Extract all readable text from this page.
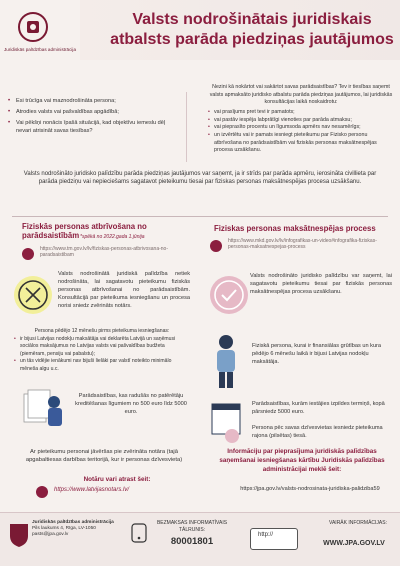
Juridiskās palīdzības administrācija
Valsts nodrošinātais juridiskais atbalsts parāda piedziņas jautājumos
• Esi trūcīga vai maznodrošināta persona;
• Atrodies valsts vai pašvaldības apgādībā;
• Vai pēkšņi nonācis īpašā situācijā, kad objektīvu iemeslu dēļ nevari atrisināt savas tiesības?
Nezini kā nokārtot vai sakārtot savas parādsaistības? Tev ir tiesības saņemt valsts apmaksāto juridisko atbalstu parāda piedziņas jautājumos, lai juridiskās konsultācijas laikā noskaidrotu:
• vai prasījums pret tevi ir pamatots;
• vai pastāv iespēja labprātīgi vienoties par parāda atmaksu;
• vai pieprasīto procentu un līgumsoda apmērs nav nesamērīgs;
• un izvērtētu vai ir pamats iesniegt pieteikumu par Fizisko personu atbrīvošana no parādsaistībām vai fiziskās personas maksātnespējas procesa uzsākšanu.
Valsts nodrošināto juridisko palīdzību parāda piedziņas jautājumos var saņemt, ja ir strīds par parāda apmēru, ierosināta civillieta par parāda piedziņu vai nepieciešams sagatavot pieteikumu tiesai par fiziskas personas maksātnespējas procesa uzsākšanu.
Fiziskās personas atbrīvošana no parādsaistībām *spēkā no 2022.gada 1.jūnija
https://www.tm.gov.lv/lv/fiziskas-personas-atbrivosana-no-paradsaistibam
Valsts nodrošinātā juridiskā palīdzība netiek nodrošināta, lai sagatavotu pieteikumu fiziskās personas atbrīvošanai no parādsaistībām. Konsultācijā par pieteikuma iesniegšanu un procesa norisi sniedz zvērināts notārs.
Persona pēdējo 12 mēnešu pirms pieteikuma iesniegšanas:
• ir bijusi Latvijas nodokļu maksātāja vai deklarēta Latvijā un saņēmusi sociālos maksājumus no Latvijas valsts vai pašvaldības budžeta (piemēram, pensiju vai pabalstu);
• un tās vidējie ienākumi nav bijuši lielāki par valstī noteikto minimālo mēneša algu u.c.
Parādsaistības, kas radušās no patērētāju kreditēšanas līgumiem no 500 euro līdz 5000 euro.
Ar pieteikumu personai jāvēršas pie zvērināta notāra (tajā apgabaltiesas darbības teritorijā, kur ir personas dzīvesvieta)
Notāru vari atrast šeit:
https://www.latvijasnotars.lv/
Fiziskas personas maksātnespējas process
https://www.mkd.gov.lv/lv/infografikas-un-video#infografika-fiziskas-personas-maksatnespejas-process
Valsts nodrošināto juridisko palīdzību var saņemt, lai sagatavotu pieteikumu tiesai par fiziskās personas maksātnespējas procesa uzsākšanu.
Fiziskā persona, kurai ir finansiālas grūtības un kura pēdējo 6 mēnešu laikā ir bijusi Latvijas nodokļu maksātāja.
Parādsaistības, kurām iestājies izpildes termiņš, kopā pārsniedz 5000 euro.
Persona pēc savas dzīvesvietas iesniedz pieteikuma rajona (pilsētas) tiesā.
Informāciju par pieprasījuma juridiskās palīdzības saņemšanai iesniegšanas kārtību Juridiskās palīdzības administrācijai meklē šeit:
https://jpa.gov.lv/valsts-nodrosinata-juridiska-palidziba59
Juridiskās palīdzības administrācija
Pils laukums 4, Rīga, LV-1050
pasts@jpa.gov.lv
BEZMAKSAS INFORMATĪVAIS TĀLRUNIS:
80001801
http://
VAIRĀK INFORMĀCIJAS:
WWW.JPA.GOV.LV
